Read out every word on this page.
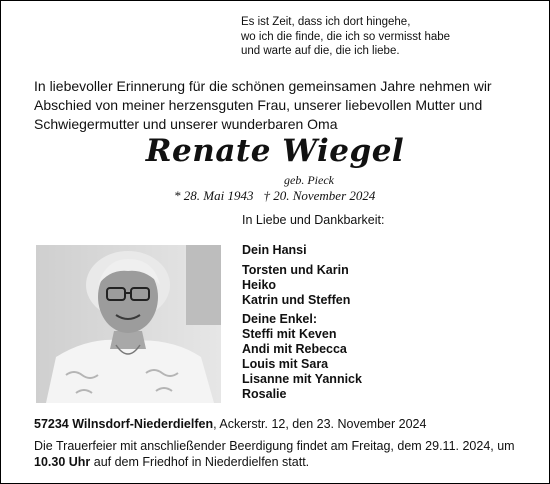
Es ist Zeit, dass ich dort hingehe,
wo ich die finde, die ich so vermisst habe
und warte auf die, die ich liebe.
In liebevoller Erinnerung für die schönen gemeinsamen Jahre nehmen wir
Abschied von meiner herzensguten Frau, unserer liebevollen Mutter und
Schwiegermutter und unserer wunderbaren Oma
Renate Wiegel
geb. Pieck
* 28. Mai 1943 † 20. November 2024
In Liebe und Dankbarkeit:
Dein Hansi
Torsten und Karin
Heiko
Katrin und Steffen
Deine Enkel:
Steffi mit Keven
Andi mit Rebecca
Louis mit Sara
Lisanne mit Yannick
Rosalie
57234 Wilnsdorf-Niederdielfen, Ackerstr. 12, den 23. November 2024
Die Trauerfeier mit anschließender Beerdigung findet am Freitag, dem 29.11. 2024, um
10.30 Uhr auf dem Friedhof in Niederdielfen statt.
